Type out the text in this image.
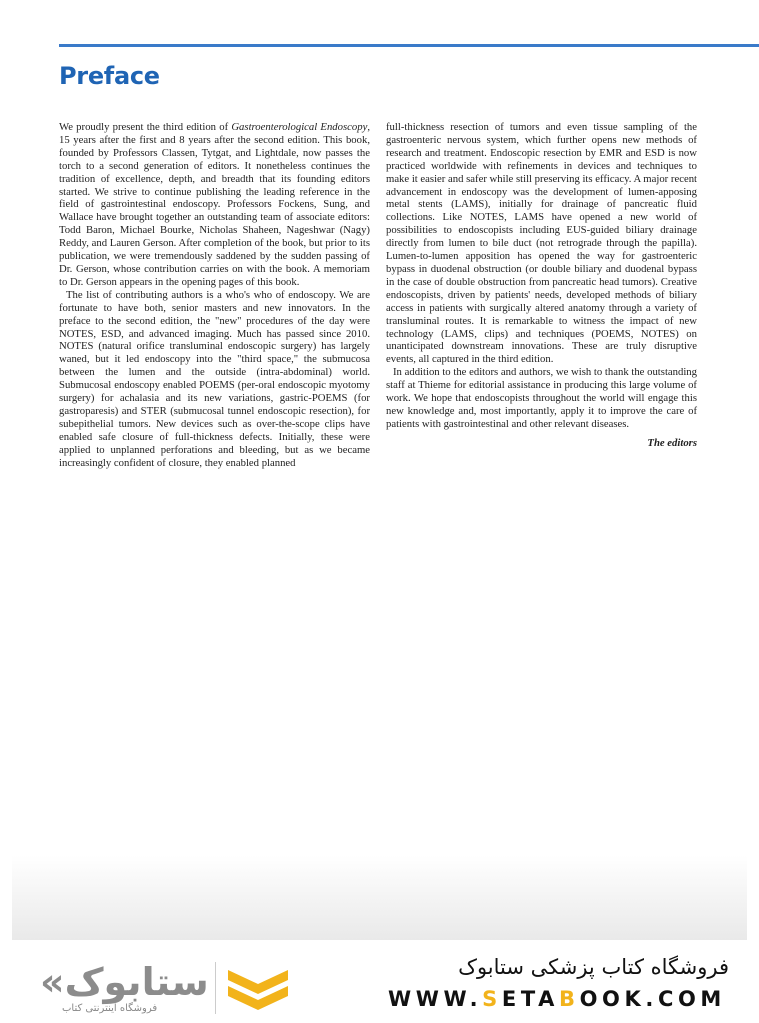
Preface

We proudly present the third edition of Gastroenterological Endoscopy, 15 years after the first and 8 years after the second edition. This book, founded by Professors Classen, Tytgat, and Lightdale, now passes the torch to a second generation of editors. It nonetheless continues the tradition of excellence, depth, and breadth that its founding editors started. We strive to continue publishing the leading reference in the field of gastrointestinal endoscopy. Professors Fockens, Sung, and Wallace have brought together an outstanding team of associate editors: Todd Baron, Michael Bourke, Nicholas Shaheen, Nageshwar (Nagy) Reddy, and Lauren Gerson. After completion of the book, but prior to its publication, we were tremendously saddened by the sudden passing of Dr. Gerson, whose contribution carries on with the book. A memoriam to Dr. Gerson appears in the opening pages of this book.

The list of contributing authors is a who's who of endoscopy. We are fortunate to have both, senior masters and new innovators. In the preface to the second edition, the "new" procedures of the day were NOTES, ESD, and advanced imaging. Much has passed since 2010. NOTES (natural orifice transluminal endoscopic surgery) has largely waned, but it led endoscopy into the "third space," the submucosa between the lumen and the outside (intra-abdominal) world. Submucosal endoscopy enabled POEMS (per-oral endoscopic myotomy surgery) for achalasia and its new variations, gastric-POEMS (for gastroparesis) and STER (submucosal tunnel endoscopic resection), for subepithelial tumors. New devices such as over-the-scope clips have enabled safe closure of full-thickness defects. Initially, these were applied to unplanned perforations and bleeding, but as we became increasingly confident of closure, they enabled planned

full-thickness resection of tumors and even tissue sampling of the gastroenteric nervous system, which further opens new methods of research and treatment. Endoscopic resection by EMR and ESD is now practiced worldwide with refinements in devices and techniques to make it easier and safer while still preserving its efficacy. A major recent advancement in endoscopy was the development of lumen-apposing metal stents (LAMS), initially for drainage of pancreatic fluid collections. Like NOTES, LAMS have opened a new world of possibilities to endoscopists including EUS-guided biliary drainage directly from lumen to bile duct (not retrograde through the papilla). Lumen-to-lumen apposition has opened the way for gastroenteric bypass in duodenal obstruction (or double biliary and duodenal bypass in the case of double obstruction from pancreatic head tumors). Creative endoscopists, driven by patients' needs, developed methods of biliary access in patients with surgically altered anatomy through a variety of transluminal routes. It is remarkable to witness the impact of new technology (LAMS, clips) and techniques (POEMS, NOTES) on unanticipated downstream innovations. These are truly disruptive events, all captured in the third edition.

In addition to the editors and authors, we wish to thank the outstanding staff at Thieme for editorial assistance in producing this large volume of work. We hope that endoscopists throughout the world will engage this new knowledge and, most importantly, apply it to improve the care of patients with gastrointestinal and other relevant diseases.

The editors

«ستابوک
فروشگاه اینترنتی کتاب
فروشگاه کتاب پزشکی ستابوک
WWW.SETABOOK.COM
